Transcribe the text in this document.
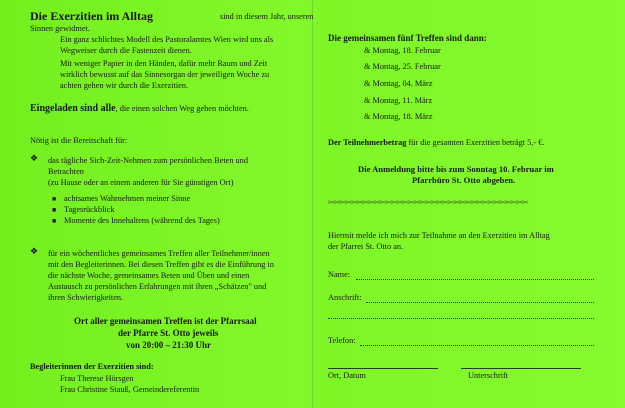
Die Exerzitien im Alltag	sind in diesem Jahr, unseren
Sinnen gewidmet.
Ein ganz schlichtes Modell des Pastoralamtes Wien wird uns als
Wegweiser durch die Fastenzeit dienen.
Mit weniger Papier in den Händen, dafür mehr Raum und Zeit
wirklich bewusst auf das Sinnesorgan der jeweiligen Woche zu
achten gehen wir durch die Exerzitien.
Eingeladen sind alle, die einen solchen Weg gehen möchten.
Nötig ist die Bereitschaft für:
❖ das tägliche Sich-Zeit-Nehmen zum persönlichen Beten und
Betrachten
(zu Hause oder an einem anderen für Sie günstigen Ort)
■ achtsames Wahrnehmen meiner Sinne
■ Tagesrückblick
■ Momente des Innehaltens (während des Tages)
❖ für ein wöchentliches gemeinsames Treffen aller Teilnehmer/innen
mit den Begleiterinnen. Bei diesen Treffen gibt es die Einführung in
die nächste Woche, gemeinsames Beten und Üben und einen
Austausch zu persönlichen Erfahrungen mit ihren „Schätzen" und
ihren Schwierigkeiten.
Ort aller gemeinsamen Treffen ist der Pfarrsaal
der Pfarre St. Otto jeweils
von 20:00 – 21:30 Uhr
Begleiterinnen der Exerzitien sind:
Frau Therese Hörsgen
Frau Christine Stauß, Gemeindereferentin
Die gemeinsamen fünf Treffen sind dann:
& Montag, 18. Februar
& Montag, 25. Februar
& Montag, 04. März
& Montag, 11. März
& Montag, 18. März
Der Teilnehmerbetrag für die gesamten Exerzitien beträgt 5,- €.
Die Anmeldung bitte bis zum Sonntag 10. Februar im
Pfarrbüro St. Otto abgeben.
✂✂✂✂✂✂✂✂✂✂✂✂✂✂✂✂✂✂✂✂✂✂✂✂✂✂✂✂✂✂✂✂✂✂✂
Hiermit melde ich mich zur Teilnahme an den Exerzitien im Alltag
der Pfarrei St. Otto an.
Name:
Anschrift:
Telefon:
Ort, Datum	Unterschrift
